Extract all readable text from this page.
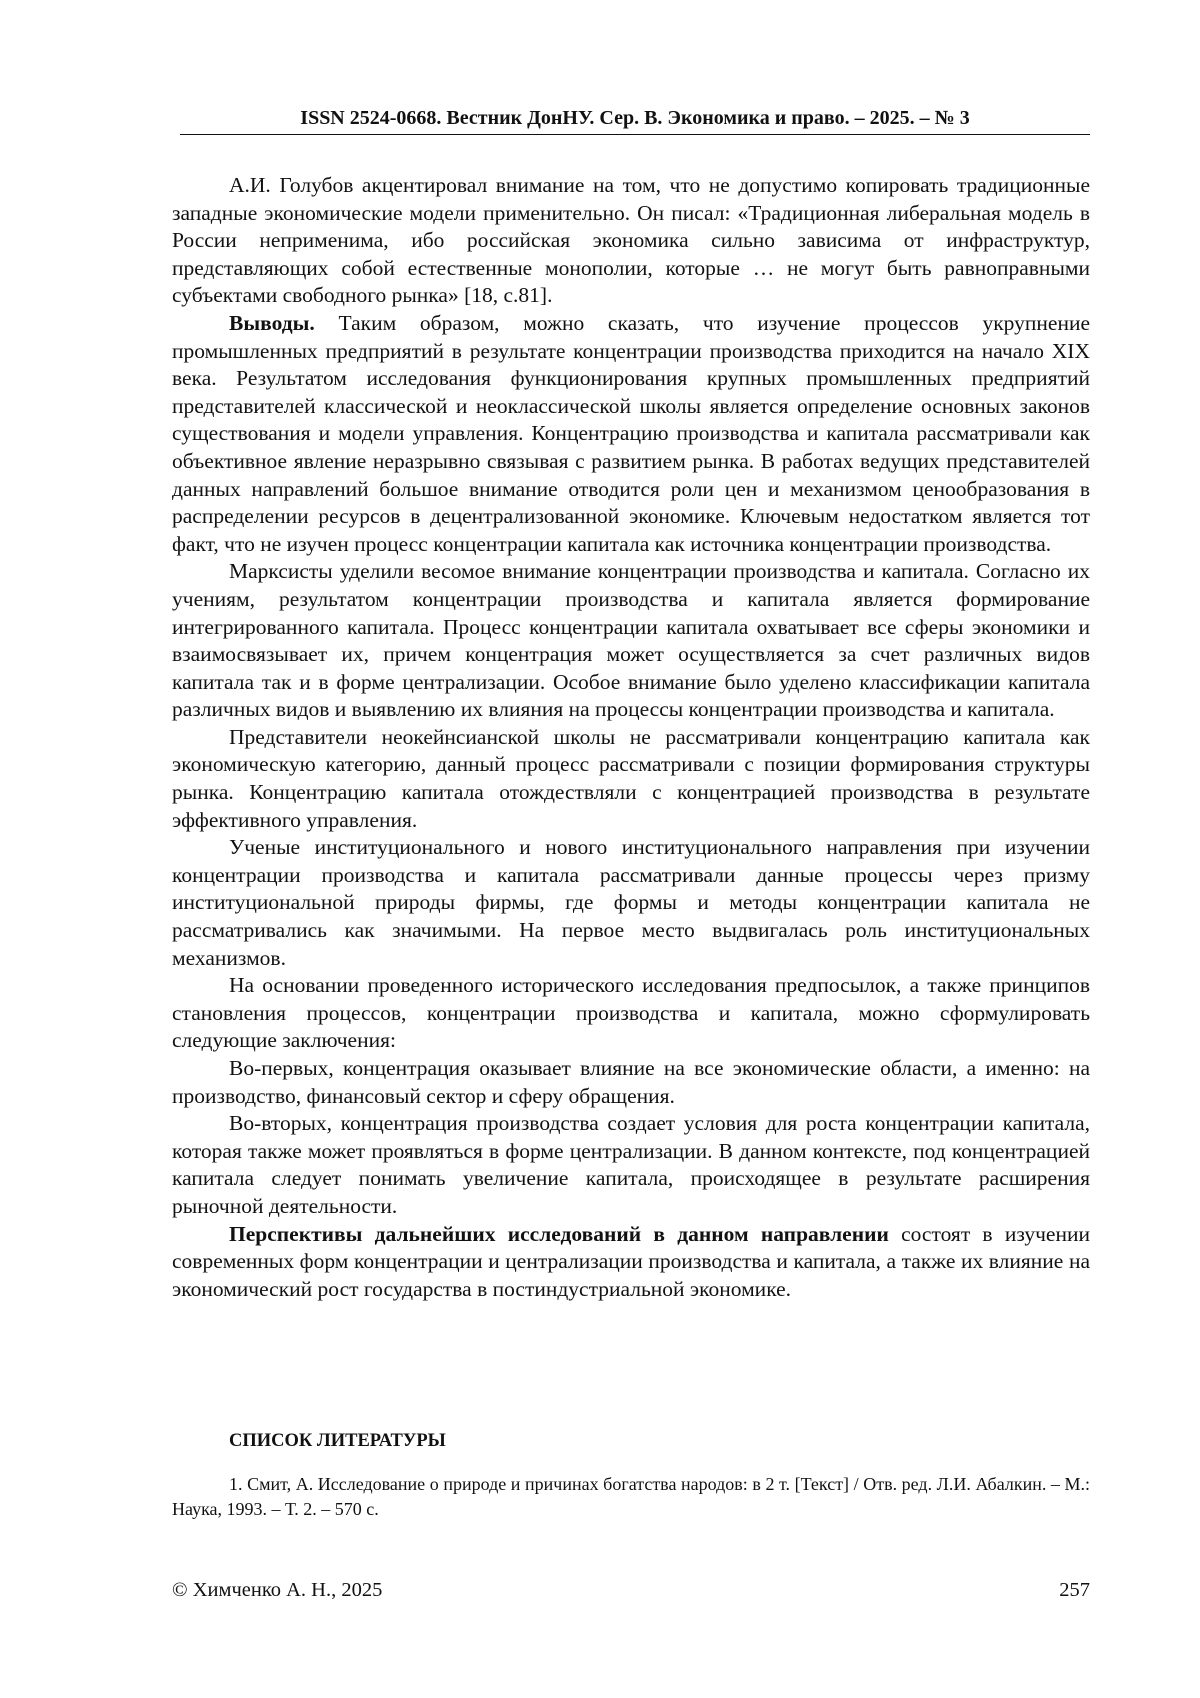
ISSN 2524-0668. Вестник ДонНУ. Сер. В. Экономика и право. – 2025. – № 3

А.И. Голубов акцентировал внимание на том, что не допустимо копировать традиционные западные экономические модели применительно. Он писал: «Традиционная либеральная модель в России неприменима, ибо российская экономика сильно зависима от инфраструктур, представляющих собой естественные монополии, которые … не могут быть равноправными субъектами свободного рынка» [18, с.81].

Выводы. Таким образом, можно сказать, что изучение процессов укрупнение промышленных предприятий в результате концентрации производства приходится на начало XIX века. Результатом исследования функционирования крупных промышленных предприятий представителей классической и неоклассической школы является определение основных законов существования и модели управления. Концентрацию производства и капитала рассматривали как объективное явление неразрывно связывая с развитием рынка. В работах ведущих представителей данных направлений большое внимание отводится роли цен и механизмом ценообразования в распределении ресурсов в децентрализованной экономике. Ключевым недостатком является тот факт, что не изучен процесс концентрации капитала как источника концентрации производства.

Марксисты уделили весомое внимание концентрации производства и капитала. Согласно их учениям, результатом концентрации производства и капитала является формирование интегрированного капитала. Процесс концентрации капитала охватывает все сферы экономики и взаимосвязывает их, причем концентрация может осуществляется за счет различных видов капитала так и в форме централизации. Особое внимание было уделено классификации капитала различных видов и выявлению их влияния на процессы концентрации производства и капитала.

Представители неокейнсианской школы не рассматривали концентрацию капитала как экономическую категорию, данный процесс рассматривали с позиции формирования структуры рынка. Концентрацию капитала отождествляли с концентрацией производства в результате эффективного управления.

Ученые институционального и нового институционального направления при изучении концентрации производства и капитала рассматривали данные процессы через призму институциональной природы фирмы, где формы и методы концентрации капитала не рассматривались как значимыми. На первое место выдвигалась роль институциональных механизмов.

На основании проведенного исторического исследования предпосылок, а также принципов становления процессов, концентрации производства и капитала, можно сформулировать следующие заключения:

Во-первых, концентрация оказывает влияние на все экономические области, а именно: на производство, финансовый сектор и сферу обращения.

Во-вторых, концентрация производства создает условия для роста концентрации капитала, которая также может проявляться в форме централизации. В данном контексте, под концентрацией капитала следует понимать увеличение капитала, происходящее в результате расширения рыночной деятельности.

Перспективы дальнейших исследований в данном направлении состоят в изучении современных форм концентрации и централизации производства и капитала, а также их влияние на экономический рост государства в постиндустриальной экономике.

СПИСОК ЛИТЕРАТУРЫ

1. Смит, А. Исследование о природе и причинах богатства народов: в 2 т. [Текст] / Отв. ред. Л.И. Абалкин. – М.: Наука, 1993. – Т. 2. – 570 с.

© Химченко А. Н., 2025	257
